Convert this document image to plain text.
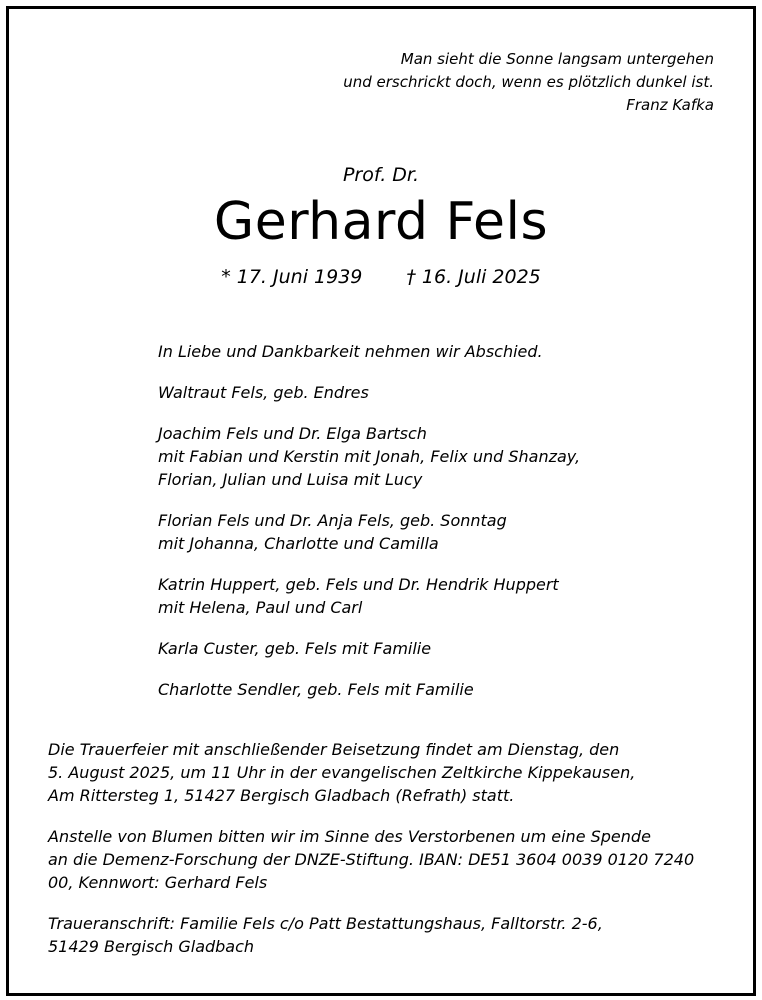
Man sieht die Sonne langsam untergehen
und erschrickt doch, wenn es plötzlich dunkel ist.
Franz Kafka
Prof. Dr.
Gerhard Fels
* 17. Juni 1939 † 16. Juli 2025
In Liebe und Dankbarkeit nehmen wir Abschied.
Waltraut Fels, geb. Endres
Joachim Fels und Dr. Elga Bartsch
mit Fabian und Kerstin mit Jonah, Felix und Shanzay,
Florian, Julian und Luisa mit Lucy
Florian Fels und Dr. Anja Fels, geb. Sonntag
mit Johanna, Charlotte und Camilla
Katrin Huppert, geb. Fels und Dr. Hendrik Huppert
mit Helena, Paul und Carl
Karla Custer, geb. Fels mit Familie
Charlotte Sendler, geb. Fels mit Familie
Die Trauerfeier mit anschließender Beisetzung findet am Dienstag, den
5. August 2025, um 11 Uhr in der evangelischen Zeltkirche Kippekausen,
Am Rittersteg 1, 51427 Bergisch Gladbach (Refrath) statt.
Anstelle von Blumen bitten wir im Sinne des Verstorbenen um eine Spende
an die Demenz-Forschung der DNZE-Stiftung. IBAN: DE51 3604 0039 0120 7240
00, Kennwort: Gerhard Fels
Traueranschrift: Familie Fels c/o Patt Bestattungshaus, Falltorstr. 2-6,
51429 Bergisch Gladbach
